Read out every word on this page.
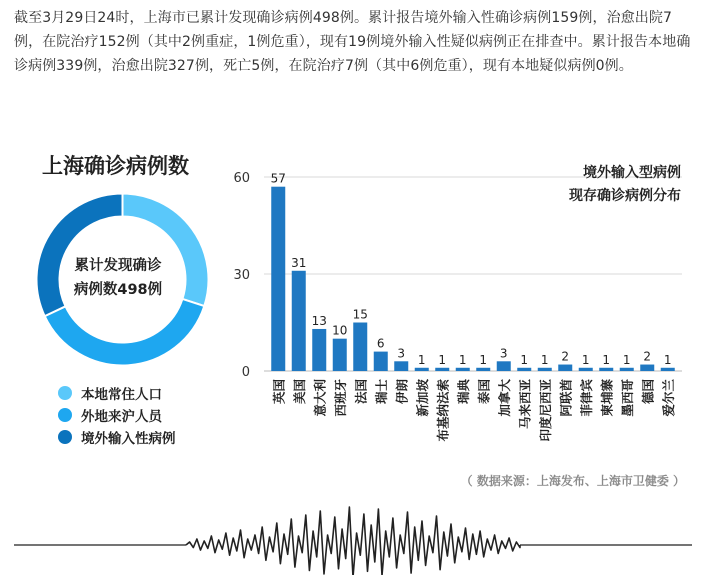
截至3月29日24时，上海市已累计发现确诊病例498例。累计报告境外输入性确诊病例159例，治愈出院7例，在院治疗152例（其中2例重症，1例危重），现有19例境外输入性疑似病例正在排查中。累计报告本地确诊病例339例，治愈出院327例，死亡5例，在院治疗7例（其中6例危重），现有本地疑似病例0例。

上海确诊病例数
累计发现确诊
病例数498例
本地常住人口
外地来沪人员
境外输入性病例
0
30
60 57
31
13
10
15
6
3 1 1 1 1 3 1 1 2 1 1 1 2 1
英国 美国 意大利 西班牙 法国 瑞士 伊朗 新加坡 布基纳法索 瑞典 泰国 加拿大 马来西亚 印度尼西亚 阿联酋 菲律宾 柬埔寨 墨西哥 德国 爱尔兰
境外输入型病例
现存确诊病例分布
（ 数据来源：上海发布、上海市卫健委 ）
